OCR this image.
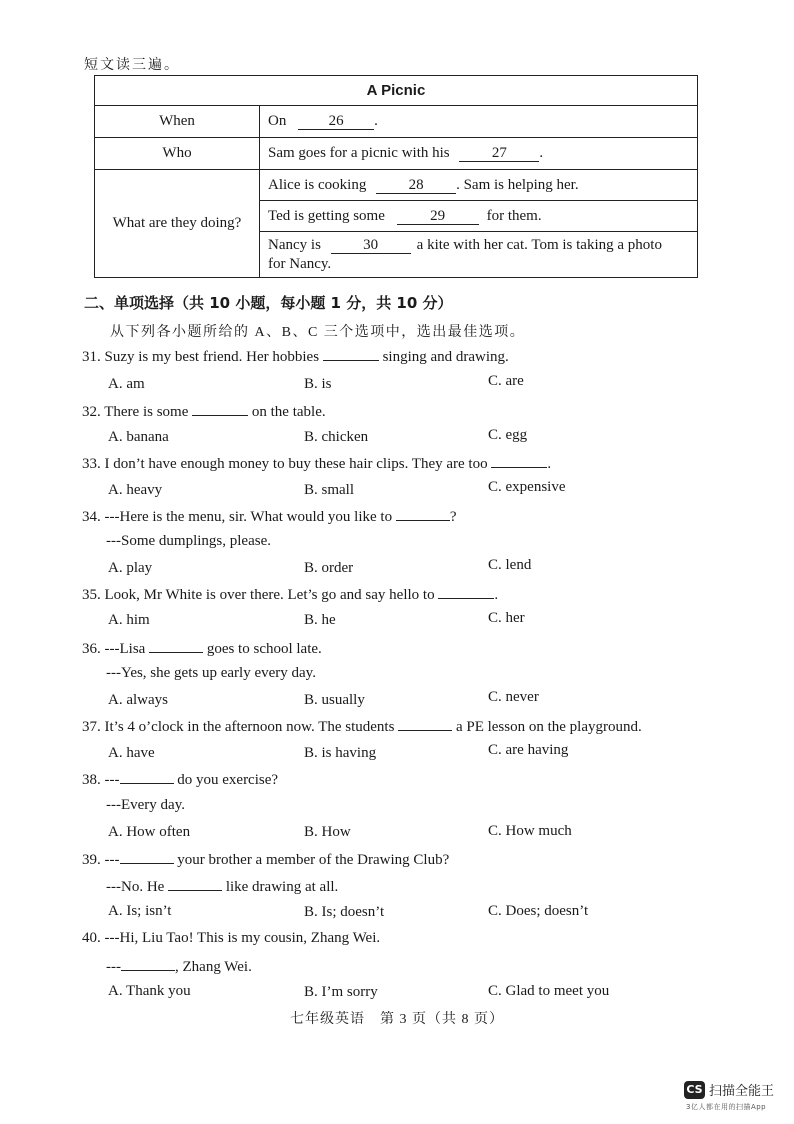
短文读三遍。
A Picnic	
When	On 26 .
Who	Sam goes for a picnic with his 27 .
What are they doing?	Alice is cooking 28 . Sam is helping her.
	Ted is getting some 29 for them.
	Nancy is 30 a kite with her cat. Tom is taking a photo
for Nancy.
二、单项选择（共 10 小题，每小题 1 分，共 10 分）
从下列各小题所给的 A、B、C 三个选项中，选出最佳选项。
31. Suzy is my best friend. Her hobbies	singing and drawing.
A. am	B. is	C. are
32. There is some	on the table.
A. banana	B. chicken	C. egg
33. I don’t have enough money to buy these hair clips. They are too	.
A. heavy	B. small	C. expensive
34. ---Here is the menu, sir. What would you like to	?
---Some dumplings, please.
A. play	B. order	C. lend
35. Look, Mr White is over there. Let’s go and say hello to	.
A. him	B. he	C. her
36. ---Lisa	goes to school late.
---Yes, she gets up early every day.
A. always	B. usually	C. never
37. It’s 4 o’clock in the afternoon now. The students	a PE lesson on the playground.
A. have	B. is having	C. are having
38. ---	do you exercise?
---Every day.
A. How often	B. How	C. How much
39. ---	your brother a member of the Drawing Club?
---No. He	like drawing at all.
A. Is; isn’t	B. Is; doesn’t	C. Does; doesn’t
40. ---Hi, Liu Tao! This is my cousin, Zhang Wei.
---	, Zhang Wei.
A. Thank you	B. I’m sorry	C. Glad to meet you
七年级英语　第 3 页（共 8 页）
CS 扫描全能王
3亿人都在用的扫描App
